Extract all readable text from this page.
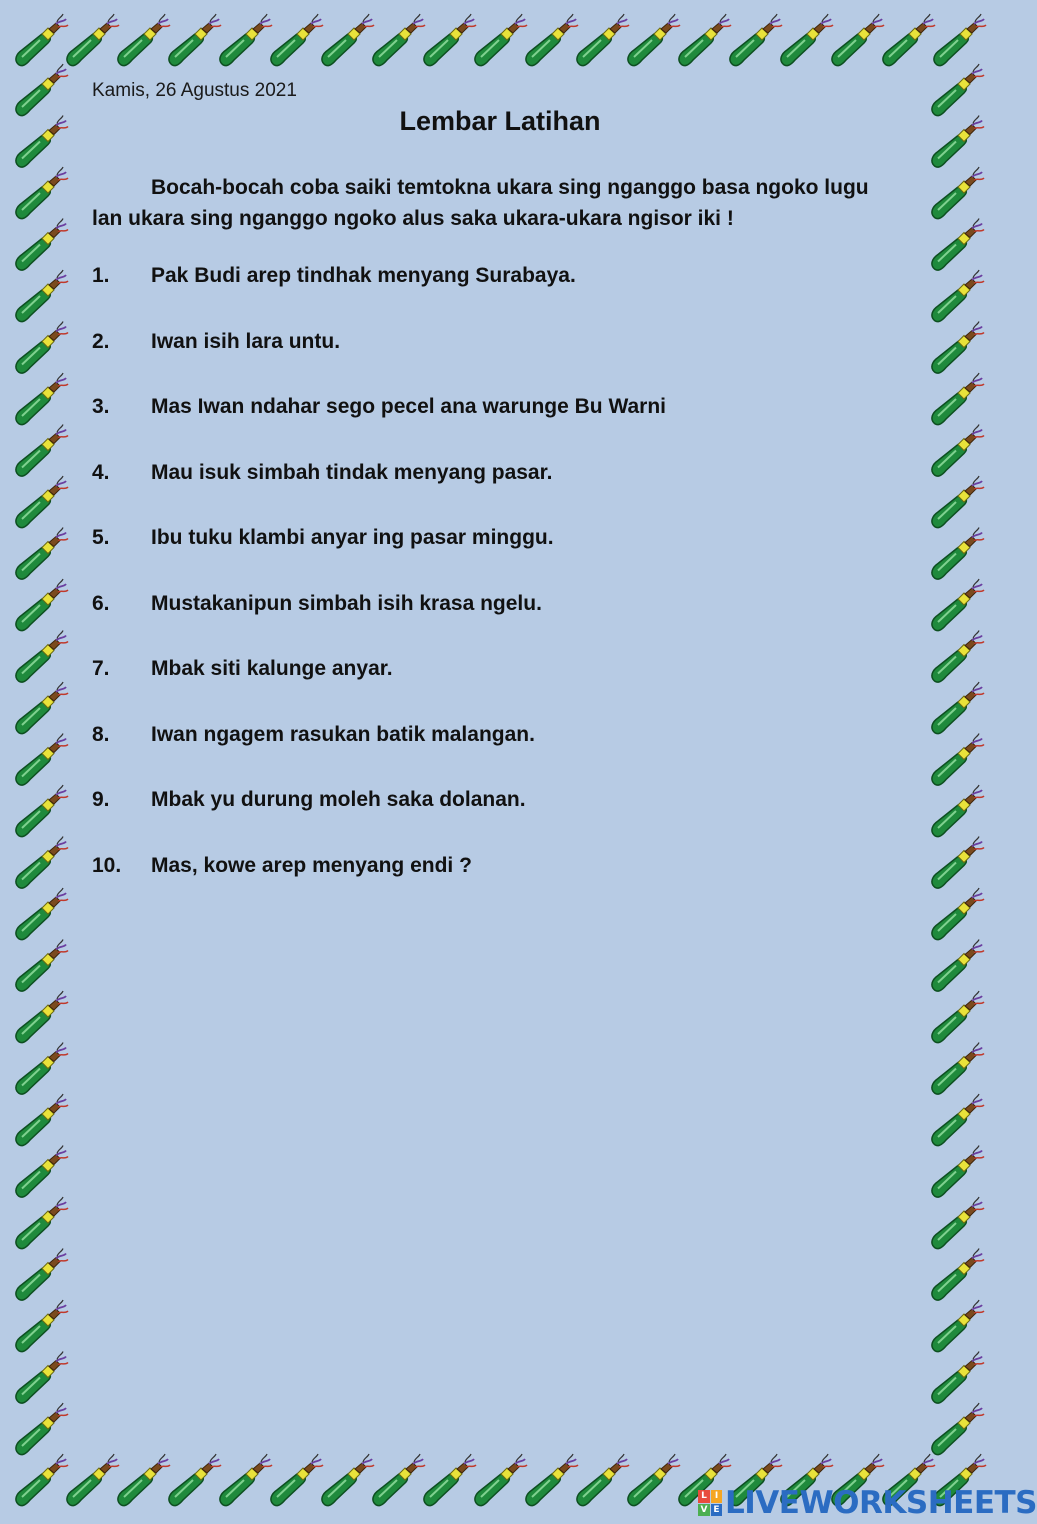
Kamis, 26 Agustus 2021
Lembar Latihan
Bocah-bocah coba saiki temtokna ukara sing nganggo basa ngoko lugu lan ukara sing nganggo ngoko alus saka ukara-ukara ngisor iki !
1.	Pak Budi arep tindhak menyang Surabaya.
2.	Iwan isih lara untu.
3.	Mas Iwan ndahar sego pecel ana warunge Bu Warni
4.	Mau isuk simbah tindak menyang pasar.
5.	Ibu tuku klambi anyar ing pasar minggu.
6.	Mustakanipun simbah isih krasa ngelu.
7.	Mbak siti kalunge anyar.
8.	Iwan ngagem rasukan batik malangan.
9.	Mbak yu durung moleh saka dolanan.
10.	Mas, kowe arep menyang endi ?
L I
V E LIVEWORKSHEETS
